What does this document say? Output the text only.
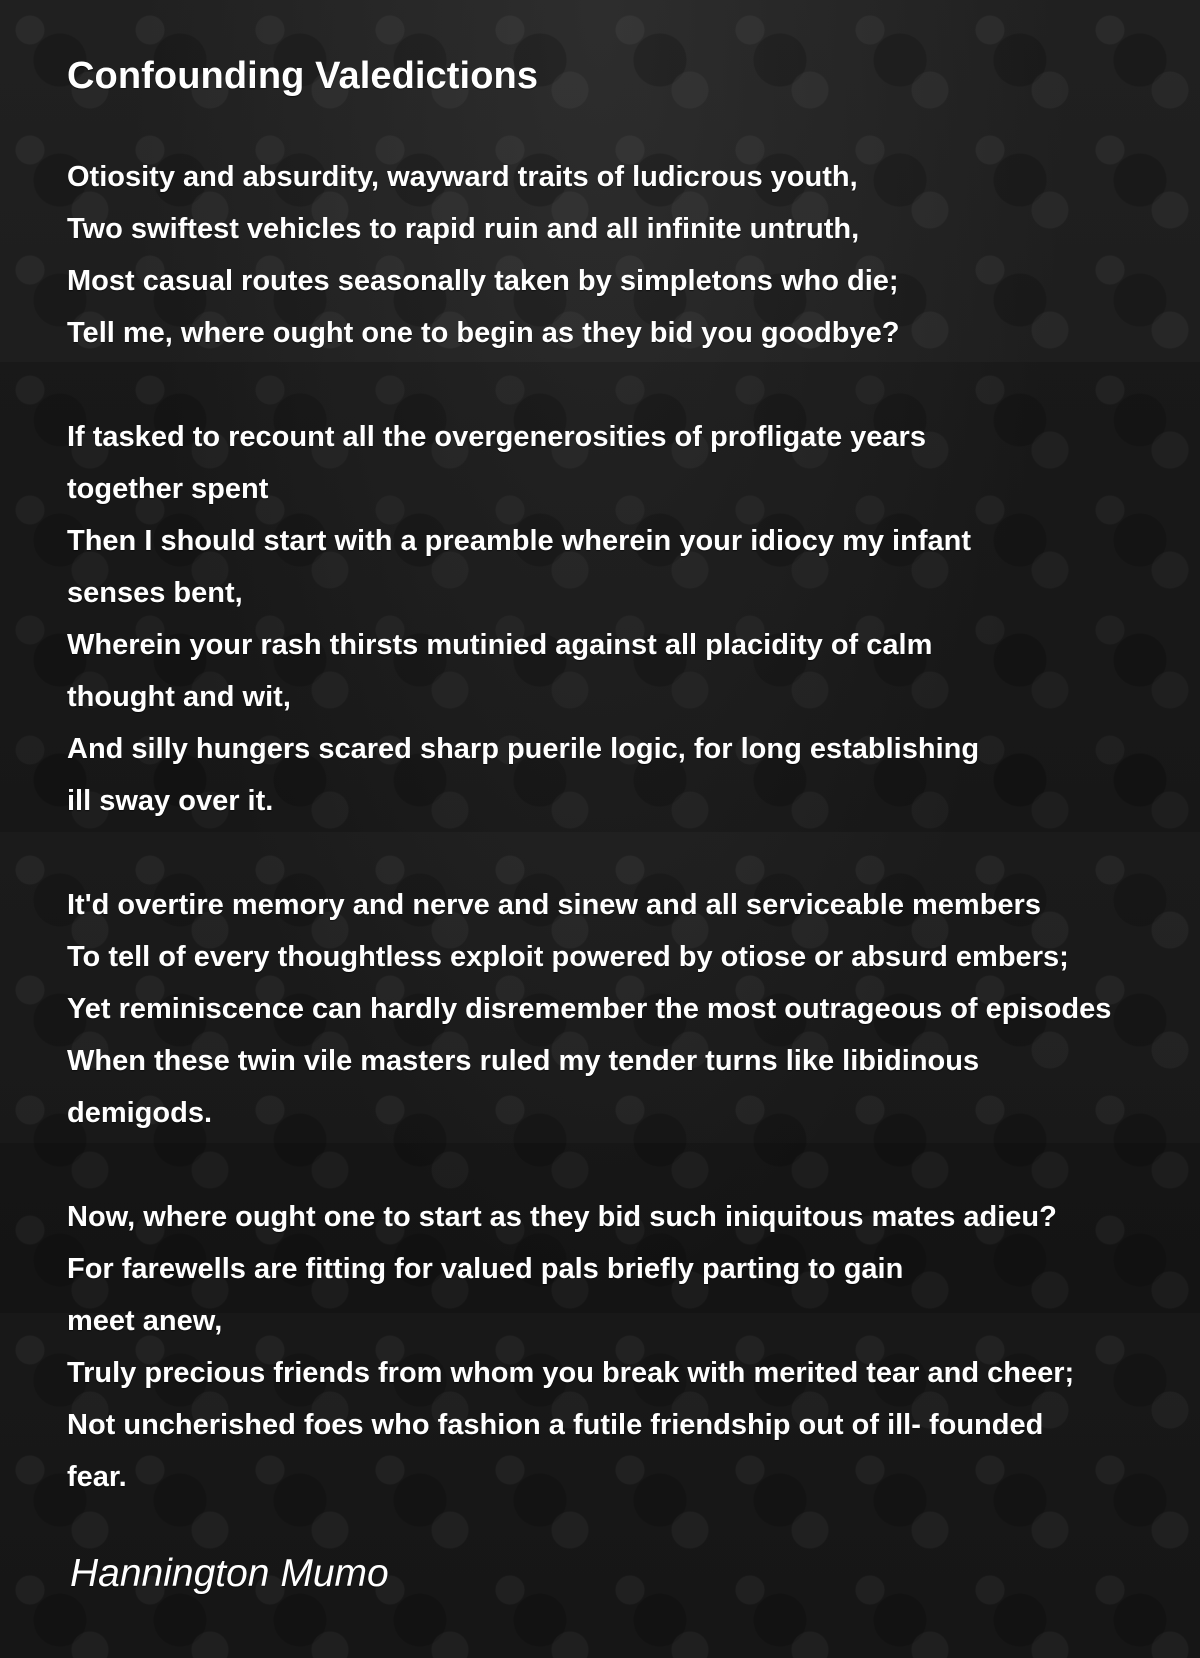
Confounding Valedictions
Otiosity and absurdity, wayward traits of ludicrous youth,
Two swiftest vehicles to rapid ruin and all infinite untruth,
Most casual routes seasonally taken by simpletons who die;
Tell me, where ought one to begin as they bid you goodbye?
If tasked to recount all the overgenerosities of profligate years
together spent
Then I should start with a preamble wherein your idiocy my infant
senses bent,
Wherein your rash thirsts mutinied against all placidity of calm
thought and wit,
And silly hungers scared sharp puerile logic, for long establishing
ill sway over it.
It'd overtire memory and nerve and sinew and all serviceable members
To tell of every thoughtless exploit powered by otiose or absurd embers;
Yet reminiscence can hardly disremember the most outrageous of episodes
When these twin vile masters ruled my tender turns like libidinous
demigods.
Now, where ought one to start as they bid such iniquitous mates adieu?
For farewells are fitting for valued pals briefly parting to gain
meet anew,
Truly precious friends from whom you break with merited tear and cheer;
Not uncherished foes who fashion a futile friendship out of ill- founded
fear.

Hannington Mumo
